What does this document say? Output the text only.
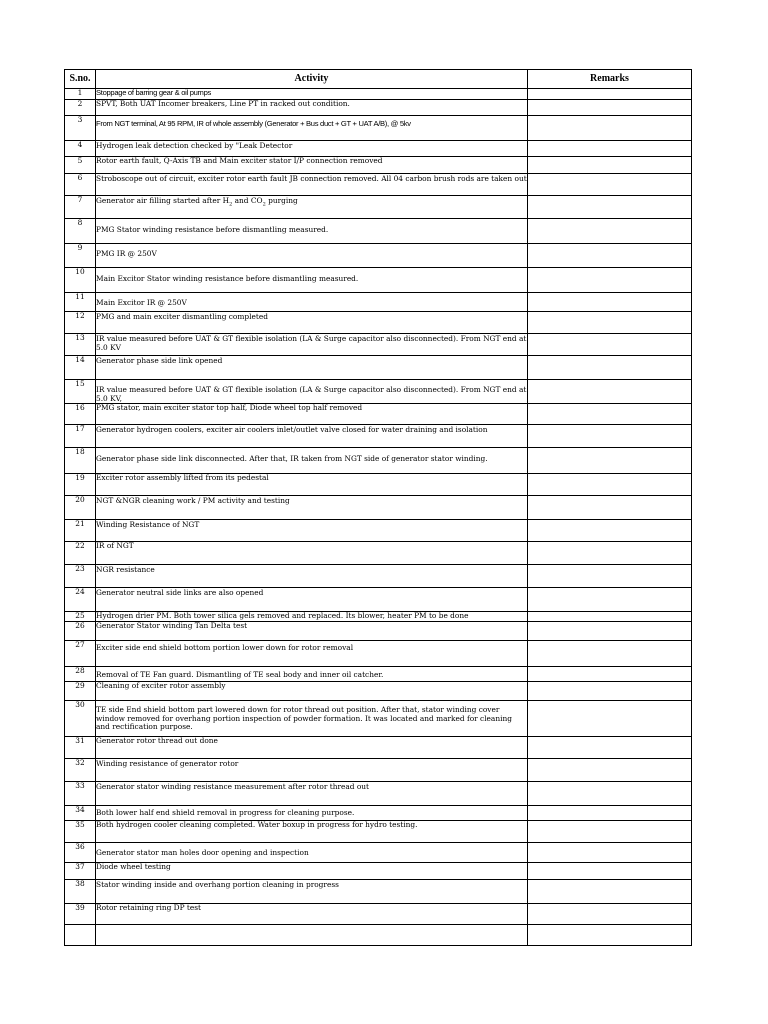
S.no.	Activity	Remarks
1	Stoppage of barring gear & oil pumps	

2	SPVT, Both UAT Incomer breakers, Line PT in racked out condition.	

3	From NGT terminal, At 95 RPM, IR of whole assembly (Generator + Bus duct + GT + UAT A/B), @ 5kv	

4	Hydrogen leak detection checked by "Leak Detector	

5	Rotor earth fault, Q-Axis TB and Main exciter stator I/P connection removed	

6	Stroboscope out of circuit, exciter rotor earth fault JB connection removed. All 04 carbon brush rods are taken out	

7	Generator air filling started after $H_2$ and $CO_2$ purging	

8	PMG Stator winding resistance before dismantling measured.	

9	PMG IR @ 250V	

10	Main Excitor Stator winding resistance before dismantling measured.	

11	Main Excitor IR @ 250V	

12	PMG and main exciter dismantling completed	

13	IR value measured before UAT & GT flexible isolation (LA & Surge capacitor also disconnected). From NGT end at 5.0 KV	

14	Generator phase side link opened	

15	IR value measured before UAT & GT flexible isolation (LA & Surge capacitor also disconnected). From NGT end at 5.0 KV,	

16	PMG stator, main exciter stator top half, Diode wheel top half removed	

17	Generator hydrogen coolers, exciter air coolers inlet/outlet valve closed for water draining and isolation	

18	Generator phase side link disconnected. After that, IR taken from NGT side of generator stator winding.	

19	Exciter rotor assembly lifted from its pedestal	

20	NGT &NGR cleaning work / PM activity and testing	

21	Winding Resistance of NGT	

22	IR of NGT	

23	NGR resistance	

24	Generator neutral side links are also opened	

25	Hydrogen drier PM. Both tower silica gels removed and replaced. Its blower, heater PM to be done	

26	Generator Stator winding Tan Delta test	

27	Exciter side end shield bottom portion lower down for rotor removal	

28	Removal of TE Fan guard. Dismantling of TE seal body and inner oil catcher.	

29	Cleaning of exciter rotor assembly	

30	TE side End shield bottom part lowered down for rotor thread out position. After that, stator winding cover window removed for overhang portion inspection of powder formation. It was located and marked for cleaning and rectification purpose.	

31	Generator rotor thread out done	

32	Winding resistance of generator rotor	

33	Generator stator winding resistance measurement after rotor thread out	

34	Both lower half end shield removal in progress for cleaning purpose.	

35	Both hydrogen cooler cleaning completed. Water boxup in progress for hydro testing.	

36	Generator stator man holes door opening and inspection	

37	Diode wheel testing	

38	Stator winding inside and overhang portion cleaning in progress	

39	Rotor retaining ring DP test	
